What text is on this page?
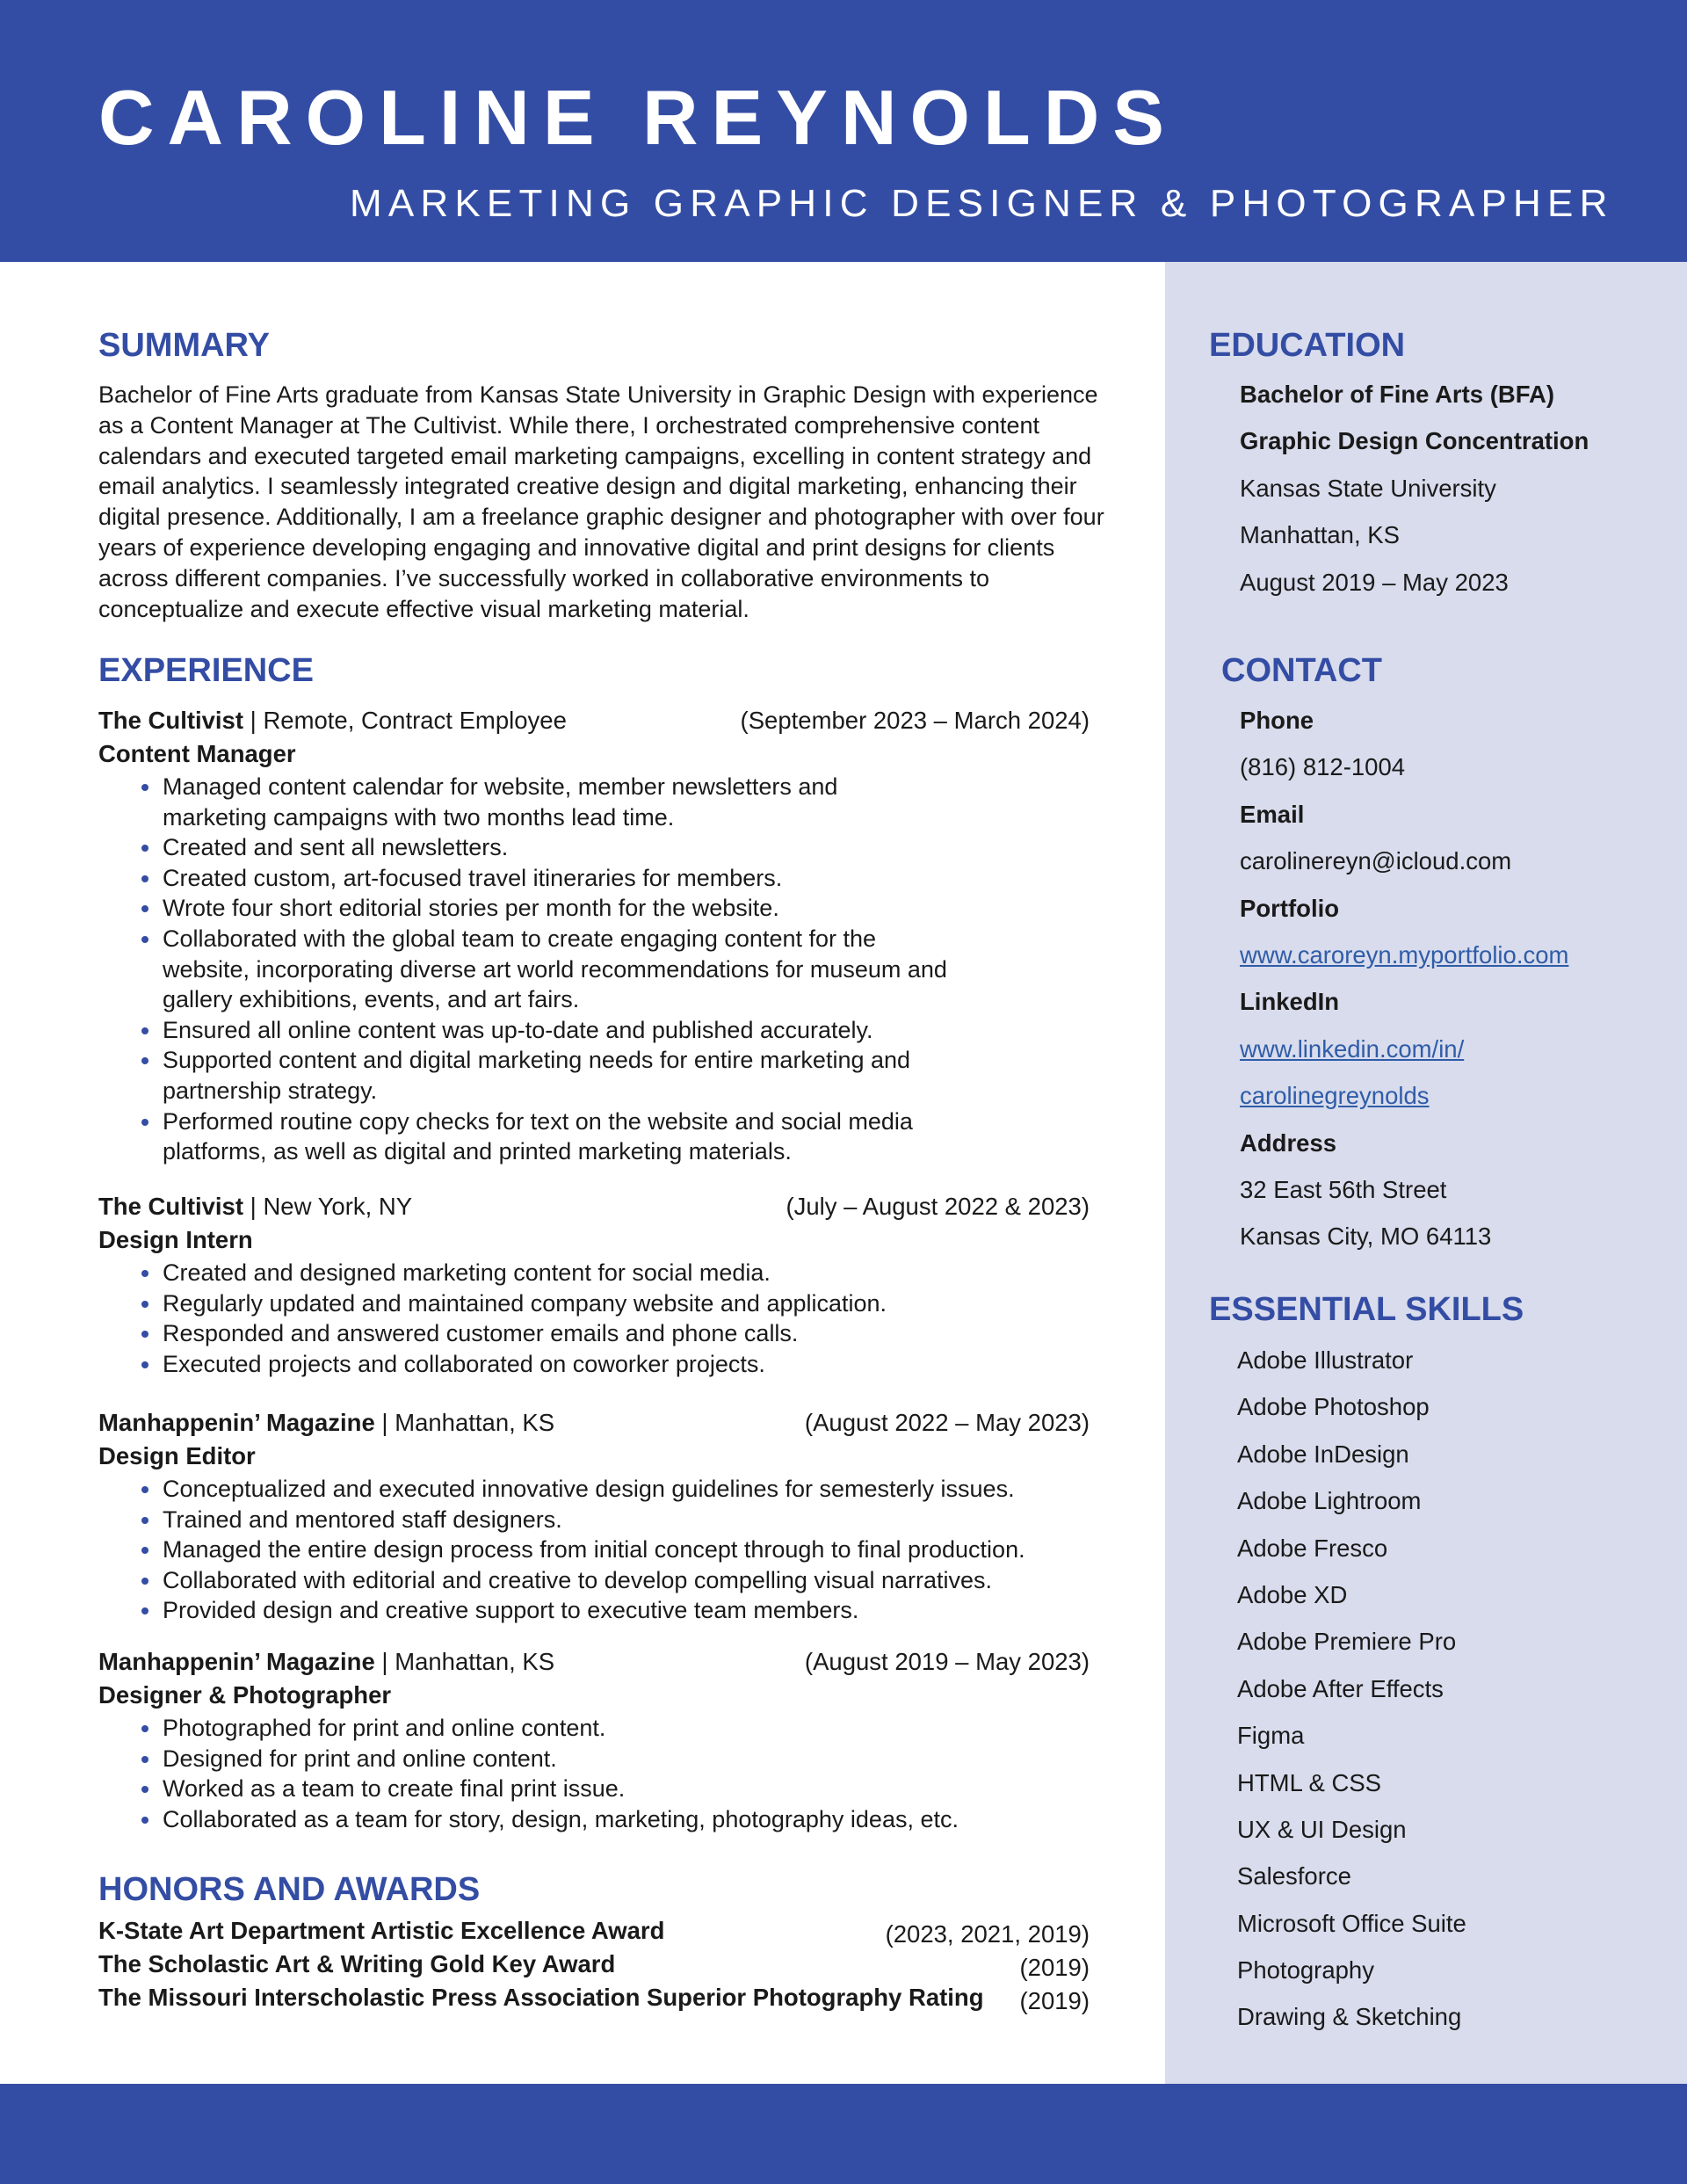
CAROLINE REYNOLDS
MARKETING GRAPHIC DESIGNER & PHOTOGRAPHER
SUMMARY

Bachelor of Fine Arts graduate from Kansas State University in Graphic Design with experience as a Content Manager at The Cultivist. While there, I orchestrated comprehensive content calendars and executed targeted email marketing campaigns, excelling in content strategy and email analytics. I seamlessly integrated creative design and digital marketing, enhancing their digital presence. Additionally, I am a freelance graphic designer and photographer with over four years of experience developing engaging and innovative digital and print designs for clients across different companies. I’ve successfully worked in collaborative environments to conceptualize and execute effective visual marketing material.

EXPERIENCE
The Cultivist | Remote, Contract Employee	(September 2023 – March 2024)
Content Manager
Managed content calendar for website, member newsletters and marketing campaigns with two months lead time.
Created and sent all newsletters.
Created custom, art-focused travel itineraries for members.
Wrote four short editorial stories per month for the website.
Collaborated with the global team to create engaging content for the website, incorporating diverse art world recommendations for museum and gallery exhibitions, events, and art fairs.
Ensured all online content was up-to-date and published accurately.
Supported content and digital marketing needs for entire marketing and partnership strategy.
Performed routine copy checks for text on the website and social media platforms, as well as digital and printed marketing materials.
The Cultivist | New York, NY	(July – August 2022 & 2023)
Design Intern
Created and designed marketing content for social media.
Regularly updated and maintained company website and application.
Responded and answered customer emails and phone calls.
Executed projects and collaborated on coworker projects.
Manhappenin’ Magazine | Manhattan, KS	(August 2022 – May 2023)
Design Editor
Conceptualized and executed innovative design guidelines for semesterly issues.
Trained and mentored staff designers.
Managed the entire design process from initial concept through to final production.
Collaborated with editorial and creative to develop compelling visual narratives.
Provided design and creative support to executive team members.
Manhappenin’ Magazine | Manhattan, KS	(August 2019 – May 2023)
Designer & Photographer
Photographed for print and online content.
Designed for print and online content.
Worked as a team to create final print issue.
Collaborated as a team for story, design, marketing, photography ideas, etc.
HONORS AND AWARDS
K-State Art Department Artistic Excellence Award	(2023, 2021, 2019)
The Scholastic Art & Writing Gold Key Award	(2019)
The Missouri Interscholastic Press Association Superior Photography Rating (2019)
EDUCATION
Bachelor of Fine Arts (BFA)
Graphic Design Concentration
Kansas State University
Manhattan, KS
August 2019 – May 2023
CONTACT
Phone
(816) 812-1004
Email
carolinereyn@icloud.com
Portfolio
www.caroreyn.myportfolio.com
LinkedIn
www.linkedin.com/in/
carolinegreynolds
Address
32 East 56th Street
Kansas City, MO 64113
ESSENTIAL SKILLS
Adobe Illustrator
Adobe Photoshop
Adobe InDesign
Adobe Lightroom
Adobe Fresco
Adobe XD
Adobe Premiere Pro
Adobe After Effects
Figma
HTML & CSS
UX & UI Design
Salesforce
Microsoft Office Suite
Photography
Drawing & Sketching
